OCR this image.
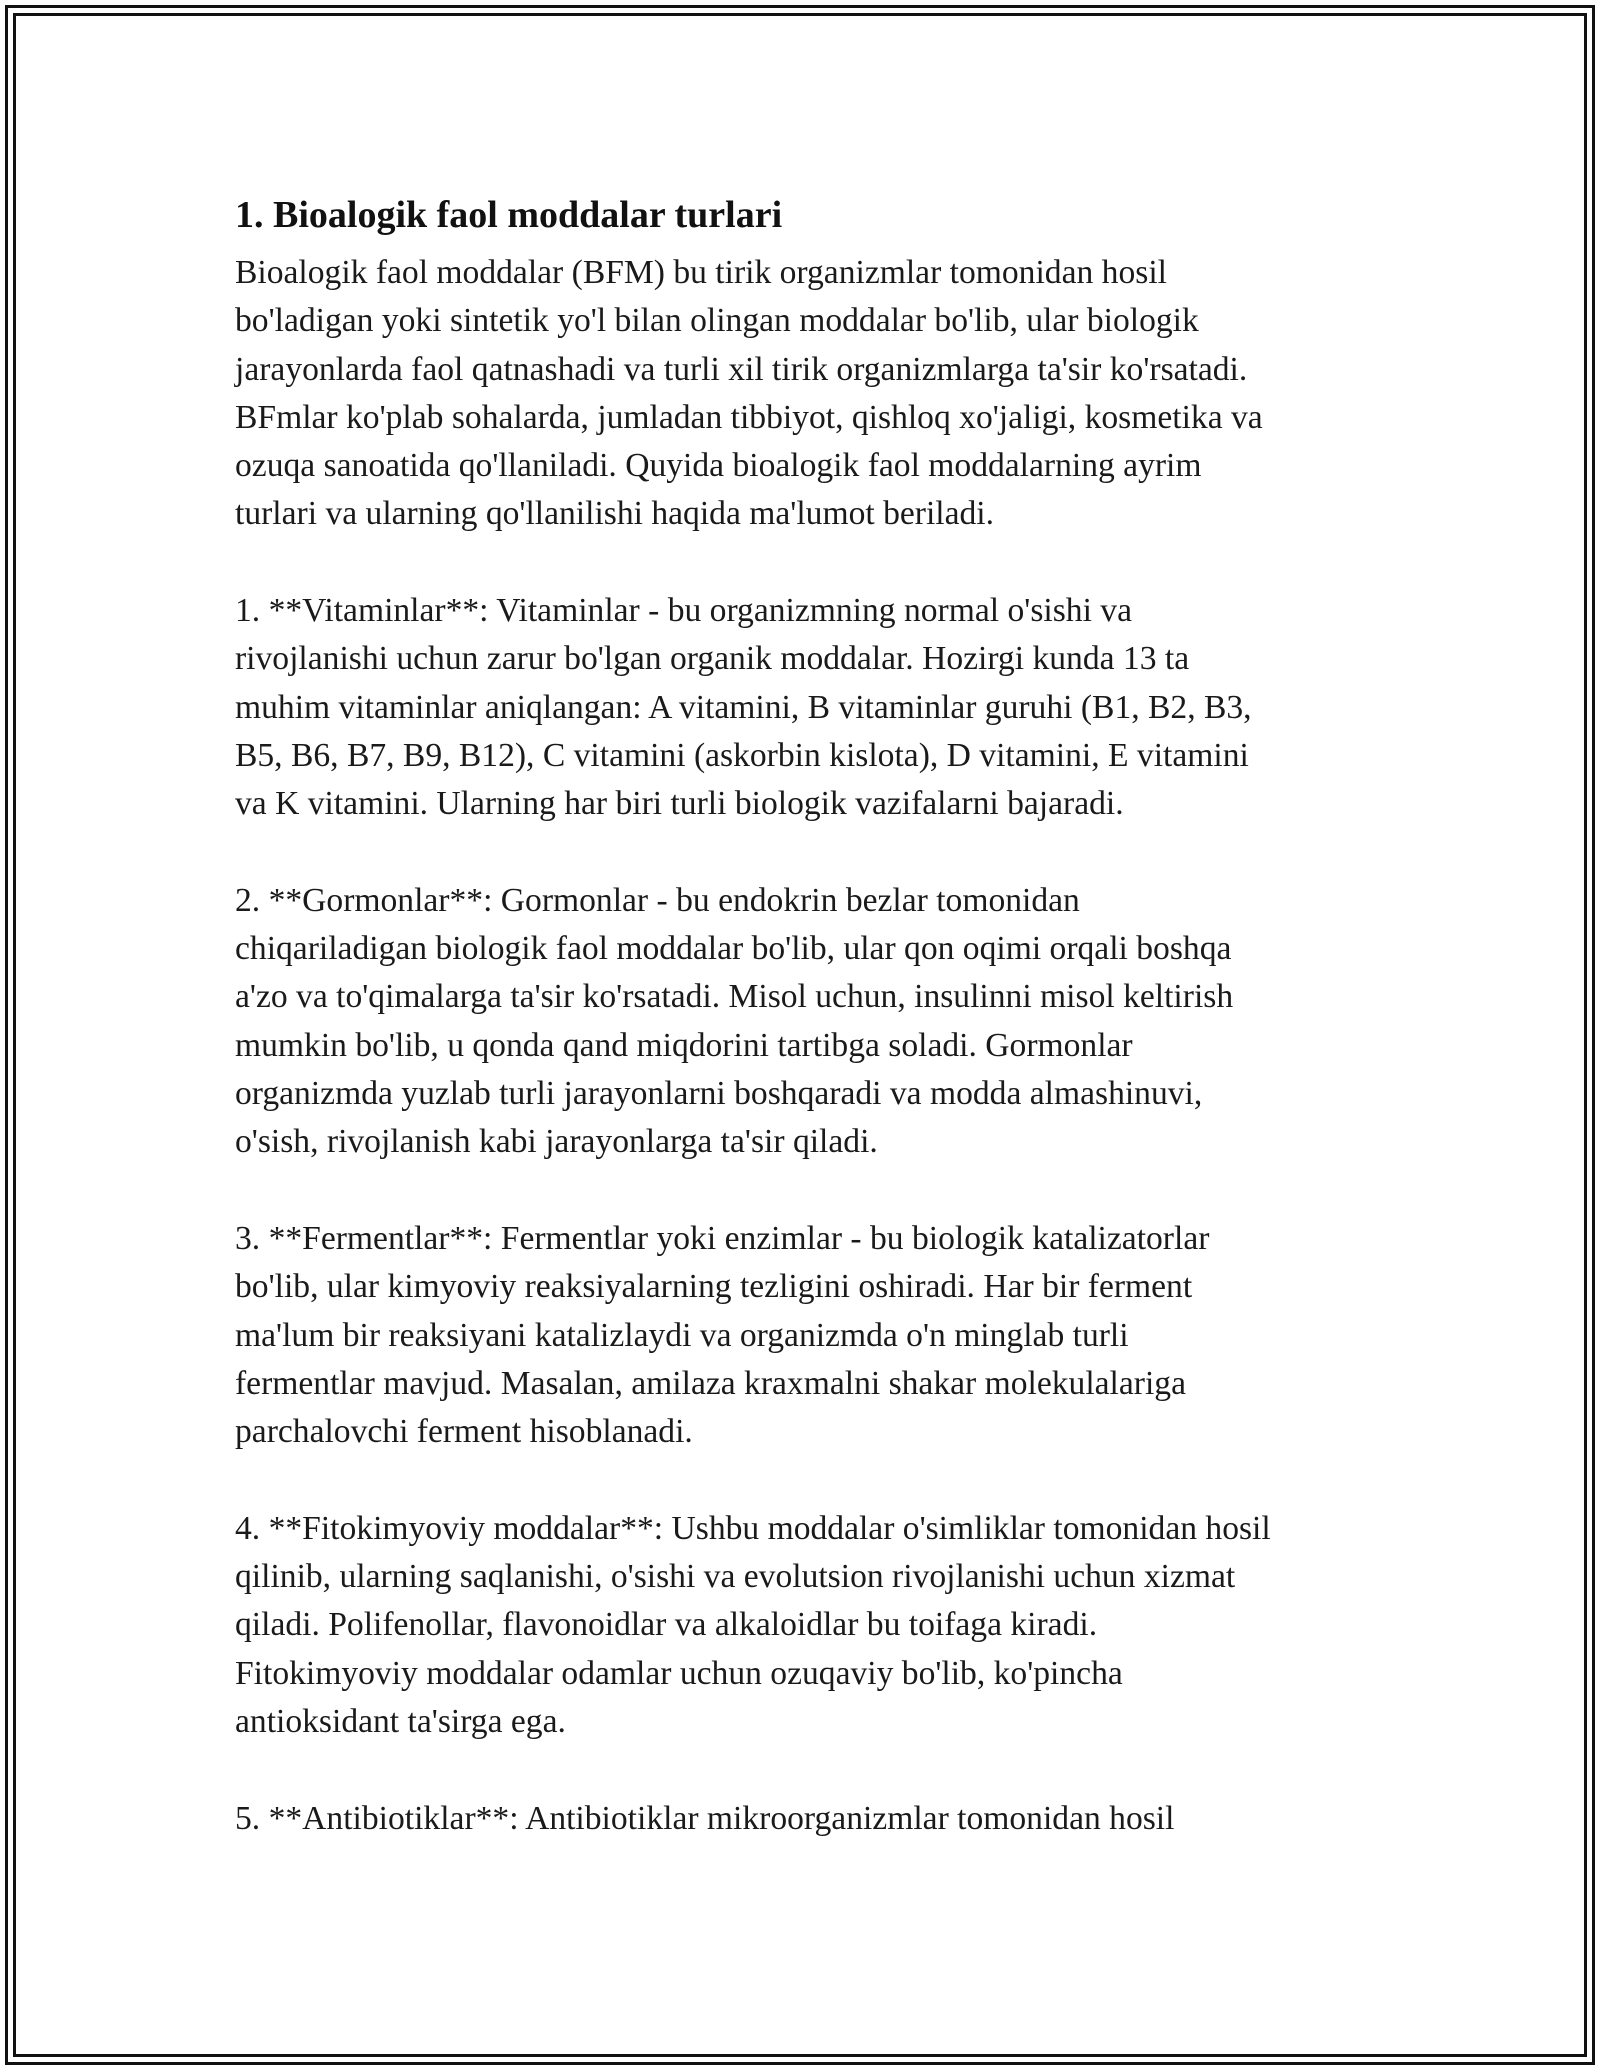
1. Bioalogik faol moddalar turlari

Bioalogik faol moddalar (BFM) bu tirik organizmlar tomonidan hosil
bo'ladigan yoki sintetik yo'l bilan olingan moddalar bo'lib, ular biologik
jarayonlarda faol qatnashadi va turli xil tirik organizmlarga ta'sir ko'rsatadi.
BFmlar ko'plab sohalarda, jumladan tibbiyot, qishloq xo'jaligi, kosmetika va
ozuqa sanoatida qo'llaniladi. Quyida bioalogik faol moddalarning ayrim
turlari va ularning qo'llanilishi haqida ma'lumot beriladi.

1. **Vitaminlar**: Vitaminlar - bu organizmning normal o'sishi va
rivojlanishi uchun zarur bo'lgan organik moddalar. Hozirgi kunda 13 ta
muhim vitaminlar aniqlangan: A vitamini, B vitaminlar guruhi (B1, B2, B3,
B5, B6, B7, B9, B12), C vitamini (askorbin kislota), D vitamini, E vitamini
va K vitamini. Ularning har biri turli biologik vazifalarni bajaradi.

2. **Gormonlar**: Gormonlar - bu endokrin bezlar tomonidan
chiqariladigan biologik faol moddalar bo'lib, ular qon oqimi orqali boshqa
a'zo va to'qimalarga ta'sir ko'rsatadi. Misol uchun, insulinni misol keltirish
mumkin bo'lib, u qonda qand miqdorini tartibga soladi. Gormonlar
organizmda yuzlab turli jarayonlarni boshqaradi va modda almashinuvi,
o'sish, rivojlanish kabi jarayonlarga ta'sir qiladi.

3. **Fermentlar**: Fermentlar yoki enzimlar - bu biologik katalizatorlar
bo'lib, ular kimyoviy reaksiyalarning tezligini oshiradi. Har bir ferment
ma'lum bir reaksiyani katalizlaydi va organizmda o'n minglab turli
fermentlar mavjud. Masalan, amilaza kraxmalni shakar molekulalariga
parchalovchi ferment hisoblanadi.

4. **Fitokimyoviy moddalar**: Ushbu moddalar o'simliklar tomonidan hosil
qilinib, ularning saqlanishi, o'sishi va evolutsion rivojlanishi uchun xizmat
qiladi. Polifenollar, flavonoidlar va alkaloidlar bu toifaga kiradi.
Fitokimyoviy moddalar odamlar uchun ozuqaviy bo'lib, ko'pincha
antioksidant ta'sirga ega.

5. **Antibiotiklar**: Antibiotiklar mikroorganizmlar tomonidan hosil
